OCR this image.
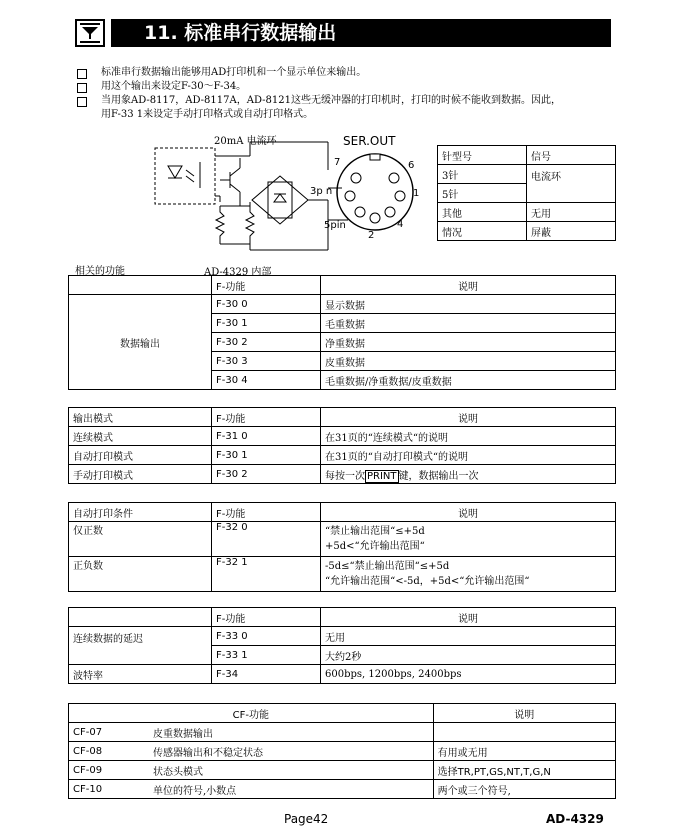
11. 标准串行数据输出
标准串行数据输出能够用AD打印机和一个显示单位来输出。
用这个输出来设定F-30～F-34。
当用象AD-8117，AD-8117A，AD-8121这些无缓冲器的打印机时，打印的时候不能收到数据。因此，
用F-33 1来设定手动打印格式或自动打印格式。
20mA 电流环	SER.OUT
7	6
3p n	1
5pin	4
2
AD-4329 内部
针型号	信号
3针	电流环
5针	
其他	无用
情况	屏蔽
相关的功能
	F-功能	说明
数据输出	F-30 0	显示数据
	F-30 1	毛重数据
	F-30 2	净重数据
	F-30 3	皮重数据
	F-30 4	毛重数据/净重数据/皮重数据
输出模式	F-功能	说明
连续模式	F-31 0	在31页的“连续模式“的说明
自动打印模式	F-30 1	在31页的“自动打印模式“的说明
手动打印模式	F-30 2	每按一次 PRINT 键，数据输出一次
自动打印条件	F-功能	说明
仅正数	F-32 0	“禁止输出范围“≤+5d
+5d<“允许输出范围“

正负数	F-32 1	-5d≤“禁止输出范围“≤+5d
“允许输出范围“<-5d，+5d<“允许输出范围“
	F-功能	说明
连续数据的延迟	F-33 0	无用
	F-33 1	大约2秒
波特率	F-34	600bps, 1200bps, 2400bps
CF-功能		说明
CF-07	皮重数据输出	
CF-08	传感器输出和不稳定状态	有用或无用
CF-09	状态头模式	选择TR,PT,GS,NT,T,G,N
CF-10	单位的符号,小数点	两个或三个符号,
Page42	AD-4329
